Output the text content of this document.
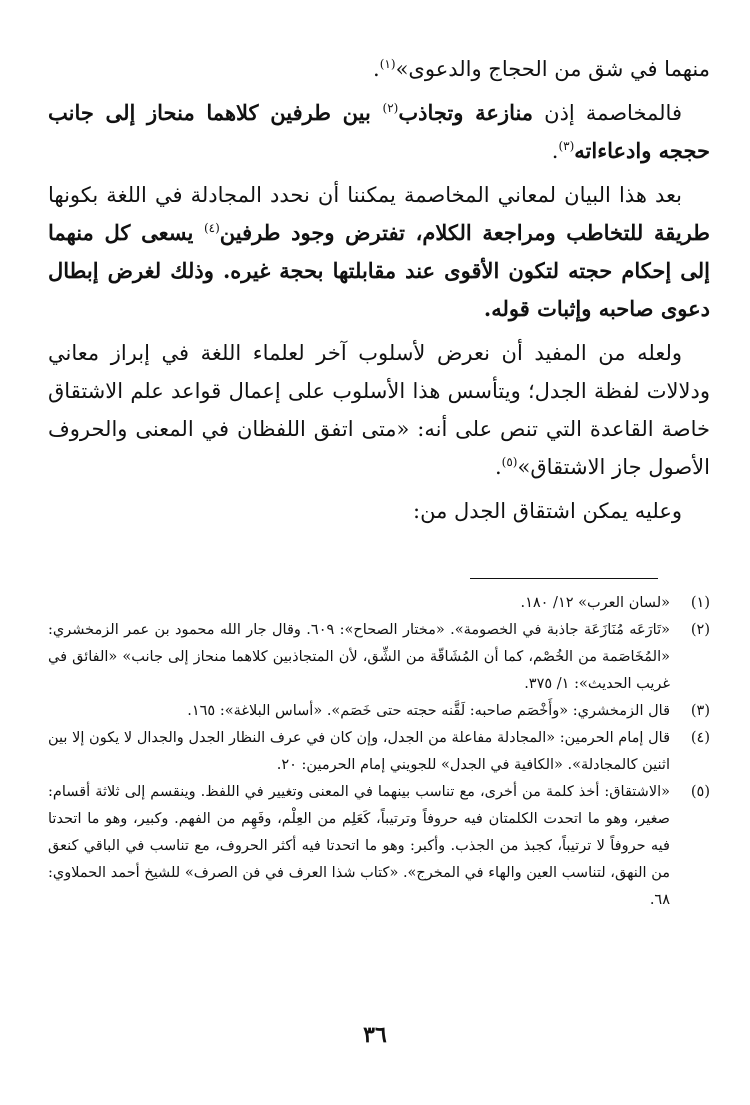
منهما في شق من الحجاج والدعوى»$^{(١)}$.

فالمخاصمة إذن منازعة وتجاذب$^{(٢)}$ بين طرفين كلاهما منحاز إلى جانب حججه وادعاءاته$^{(٣)}$.

بعد هذا البيان لمعاني المخاصمة يمكننا أن نحدد المجادلة في اللغة بكونها طريقة للتخاطب ومراجعة الكلام، تفترض وجود طرفين$^{(٤)}$ يسعى كل منهما إلى إحكام حجته لتكون الأقوى عند مقابلتها بحجة غيره. وذلك لغرض إبطال دعوى صاحبه وإثبات قوله.

ولعله من المفيد أن نعرض لأسلوب آخر لعلماء اللغة في إبراز معاني ودلالات لفظة الجدل؛ ويتأسس هذا الأسلوب على إعمال قواعد علم الاشتقاق خاصة القاعدة التي تنص على أنه: «متى اتفق اللفظان في المعنى والحروف الأصول جاز الاشتقاق»$^{(٥)}$.

وعليه يمكن اشتقاق الجدل من:

(١)
«لسان العرب» ١٢/ ١٨٠.
(٢)
«تَارَعَه مُنَازَعَة جاذبة في الخصومة». «مختار الصحاح»: ٦٠٩. وقال جار الله محمود بن عمر الزمخشري: «المُخَاصَمة من الخُصْم، كما أن المُشَاقّة من الشِّق، لأن المتجاذبين كلاهما منحاز إلى جانب» «الفائق في غريب الحديث»: ١/ ٣٧٥.
(٣)
قال الزمخشري: «وأَخْصَم صاحبه: لَقَّنه حجته حتى خَصَم». «أساس البلاغة»: ١٦٥.
(٤)
قال إمام الحرمين: «المجادلة مفاعلة من الجدل، وإن كان في عرف النظار الجدل والجدال لا يكون إلا بين اثنين كالمجادلة». «الكافية في الجدل» للجويني إمام الحرمين: ٢٠.
(٥)
«الاشتقاق: أخذ كلمة من أخرى، مع تناسب بينهما في المعنى وتغيير في اللفظ. وينقسم إلى ثلاثة أقسام: صغير، وهو ما اتحدت الكلمتان فيه حروفاً وترتيباً، كَعَلِم من العِلْم، وفَهِم من الفهم. وكبير، وهو ما اتحدتا فيه حروفاً لا ترتيباً، كجبذ من الجذب. وأكبر: وهو ما اتحدتا فيه أكثر الحروف، مع تناسب في الباقي كنعق من النهق، لتناسب العين والهاء في المخرج». «كتاب شذا العرف في فن الصرف» للشيخ أحمد الحملاوي: ٦٨.
٣٦
